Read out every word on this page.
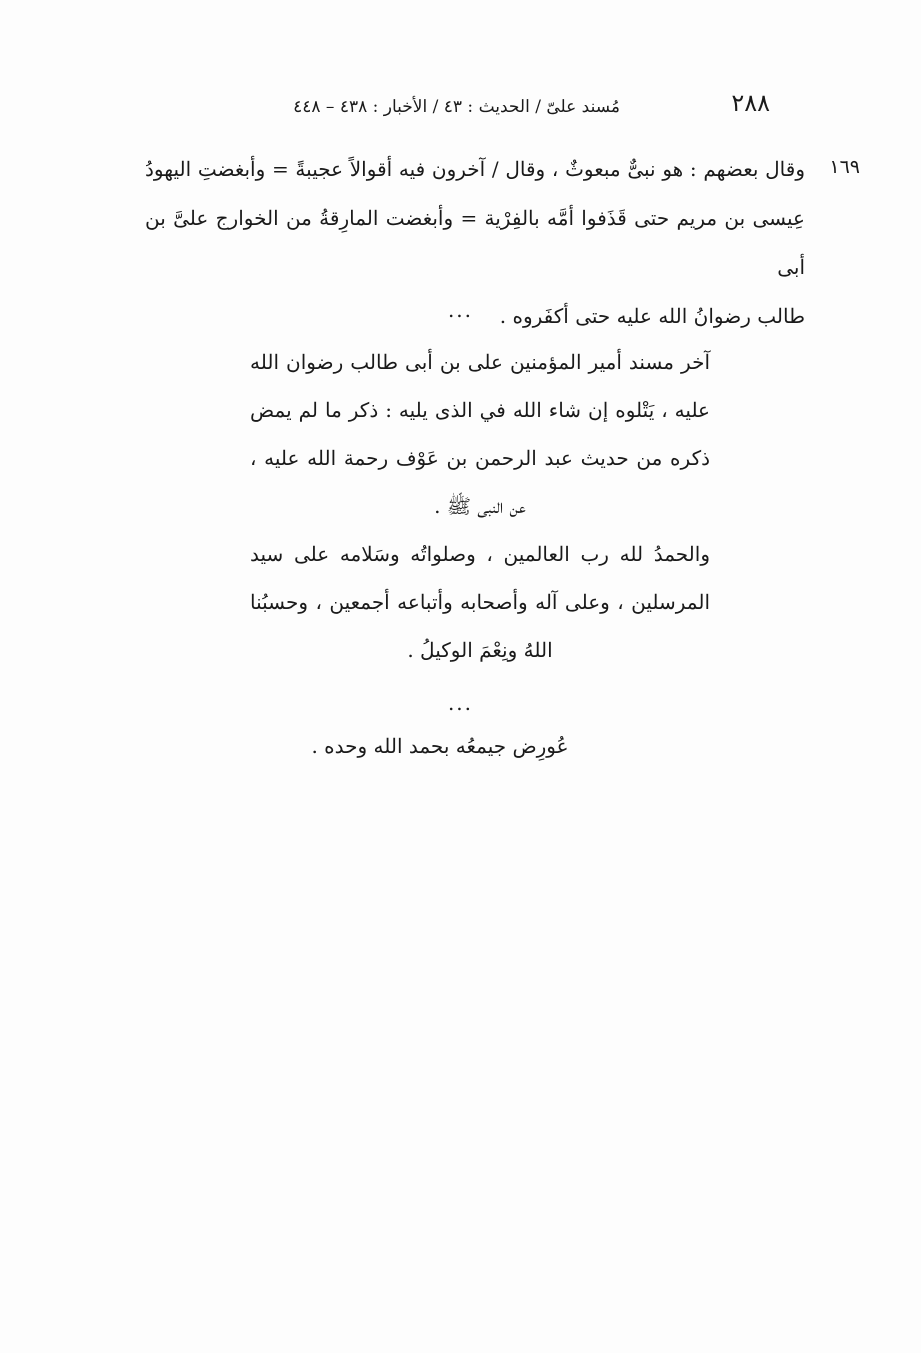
٢٨٨
مُسند علىّ / الحديث : ٤٣ / الأخبار : ٤٣٨ – ٤٤٨
١٦٩

وقال بعضهم : هو نبىٌّ مبعوثٌ ، وقال / آخرون فيه أقوالاً عجيبةً = وأبغضتِ اليهودُ
عِيسى بن مريم حتى قَذَفوا أمَّه بالفِرْية = وأبغضت المارِقةُ من الخوارج علىَّ بن أبى
طالب رضوانُ الله عليه حتى أكفَروه .

...

آخر مسند أمير المؤمنين على بن أبى طالب رضوان الله
عليه ، يَتْلوه إن شاء الله في الذى يليه : ذكر ما لم يمض
ذكره من حديث عبد الرحمن بن عَوْف رحمة الله عليه ،
عن النبى ﷺ .

والحمدُ لله رب العالمين ، وصلواتُه وسَلامه على سيد
المرسلين ، وعلى آله وأصحابه وأتباعه أجمعين ، وحسبُنا
اللهُ ونِعْمَ الوكيلُ .

...

عُورِض جيمعُه بحمد الله وحده .
